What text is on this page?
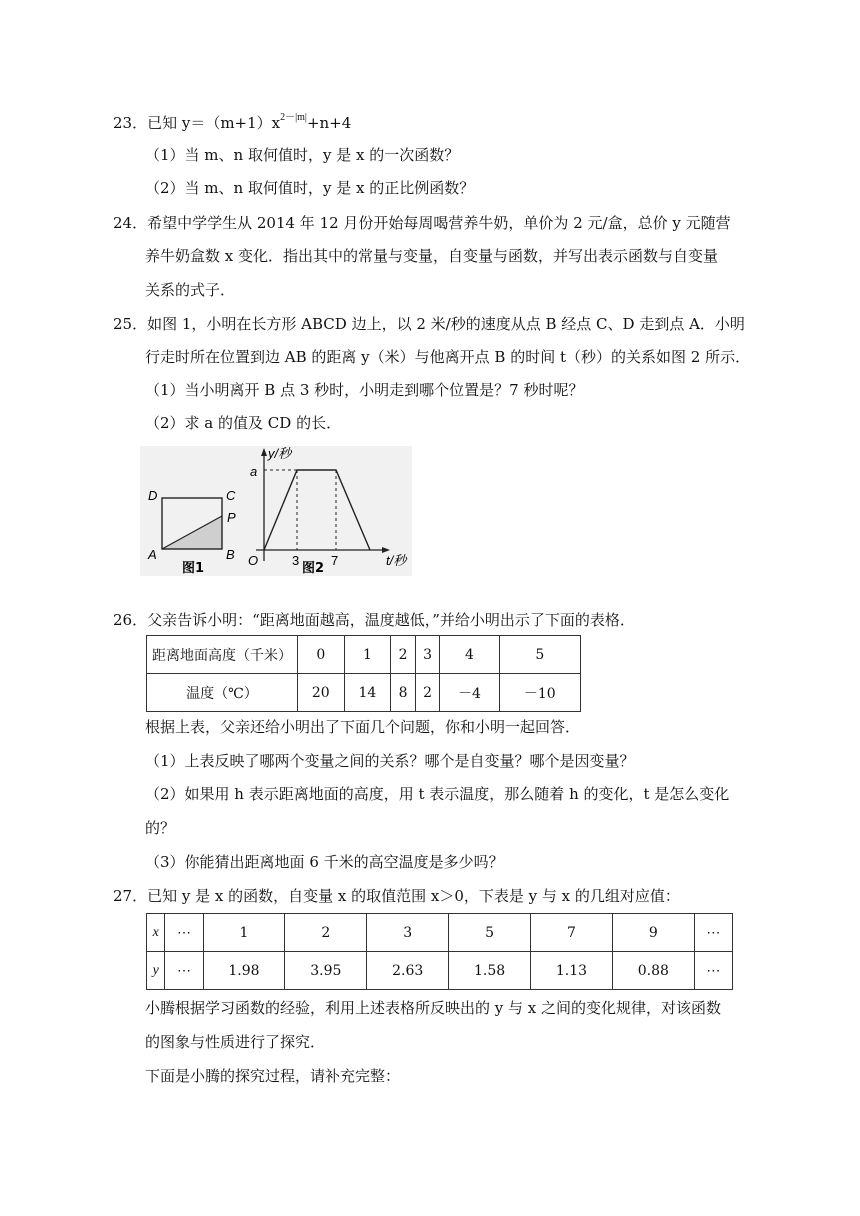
23．已知 $y=(m+1)x^{2-|m|}+n+4$
（1）当 m、n 取何值时，y 是 x 的一次函数？
（2）当 m、n 取何值时，y 是 x 的正比例函数？
24．希望中学学生从 2014 年 12 月份开始每周喝营养牛奶，单价为 2 元/盒，总价 y 元随营
养牛奶盒数 x 变化．指出其中的常量与变量，自变量与函数，并写出表示函数与自变量
关系的式子．
25．如图 1，小明在长方形 ABCD 边上，以 2 米/秒的速度从点 B 经点 C、D 走到点 A．小明
行走时所在位置到边 AB 的距离 y（米）与他离开点 B 的时间 t（秒）的关系如图 2 所示．
（1）当小明离开 B 点 3 秒时，小明走到哪个位置是？7 秒时呢？
（2）求 a 的值及 CD 的长．
D	C
P
A	B
图1
y/秒
a
O	3 7	t/秒
图2
26．父亲告诉小明：“距离地面越高，温度越低，”并给小明出示了下面的表格．
距离地面高度（千米）	0	1	2	3	4	5
温度（℃）	20	14	8	2	－4	－10
根据上表，父亲还给小明出了下面几个问题，你和小明一起回答．
（1）上表反映了哪两个变量之间的关系？哪个是自变量？哪个是因变量？
（2）如果用 h 表示距离地面的高度，用 t 表示温度，那么随着 h 的变化，t 是怎么变化
的？
（3）你能猜出距离地面 6 千米的高空温度是多少吗？
27．已知 y 是 x 的函数，自变量 x 的取值范围 x＞0，下表是 y 与 x 的几组对应值：
x	⋯	1	2	3	5	7	9	⋯
y	⋯	1.98	3.95	2.63	1.58	1.13	0.88	⋯
小腾根据学习函数的经验，利用上述表格所反映出的 y 与 x 之间的变化规律，对该函数
的图象与性质进行了探究．
下面是小腾的探究过程，请补充完整：
